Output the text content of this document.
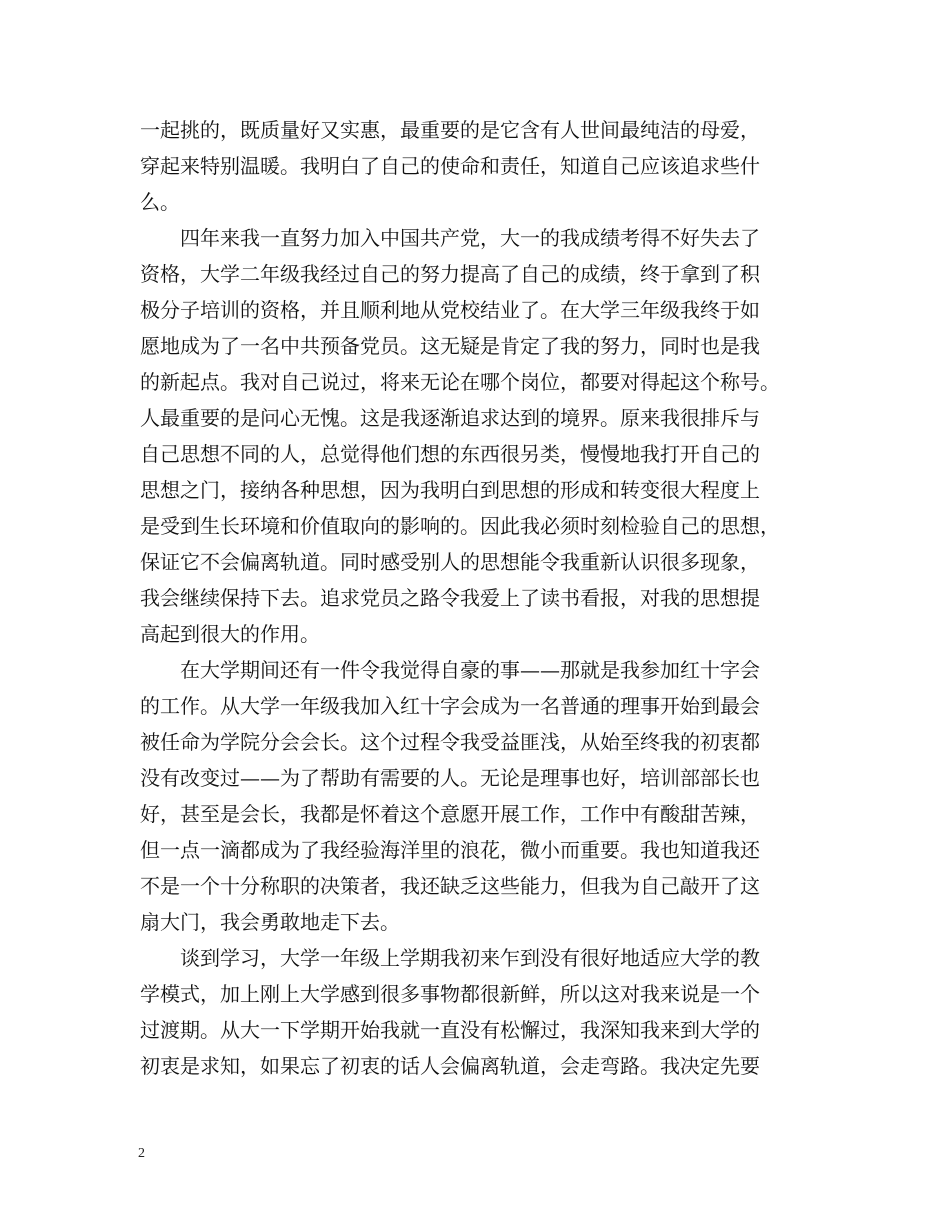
一起挑的，既质量好又实惠，最重要的是它含有人世间最纯洁的母爱，
穿起来特别温暖。我明白了自己的使命和责任，知道自己应该追求些什
么。
四年来我一直努力加入中国共产党，大一的我成绩考得不好失去了
资格，大学二年级我经过自己的努力提高了自己的成绩，终于拿到了积
极分子培训的资格，并且顺利地从党校结业了。在大学三年级我终于如
愿地成为了一名中共预备党员。这无疑是肯定了我的努力，同时也是我
的新起点。我对自己说过，将来无论在哪个岗位，都要对得起这个称号。
人最重要的是问心无愧。这是我逐渐追求达到的境界。原来我很排斥与
自己思想不同的人，总觉得他们想的东西很另类，慢慢地我打开自己的
思想之门，接纳各种思想，因为我明白到思想的形成和转变很大程度上
是受到生长环境和价值取向的影响的。因此我必须时刻检验自己的思想，
保证它不会偏离轨道。同时感受别人的思想能令我重新认识很多现象，
我会继续保持下去。追求党员之路令我爱上了读书看报，对我的思想提
高起到很大的作用。
在大学期间还有一件令我觉得自豪的事——那就是我参加红十字会
的工作。从大学一年级我加入红十字会成为一名普通的理事开始到最会
被任命为学院分会会长。这个过程令我受益匪浅，从始至终我的初衷都
没有改变过——为了帮助有需要的人。无论是理事也好，培训部部长也
好，甚至是会长，我都是怀着这个意愿开展工作，工作中有酸甜苦辣，
但一点一滴都成为了我经验海洋里的浪花，微小而重要。我也知道我还
不是一个十分称职的决策者，我还缺乏这些能力，但我为自己敲开了这
扇大门，我会勇敢地走下去。
谈到学习，大学一年级上学期我初来乍到没有很好地适应大学的教
学模式，加上刚上大学感到很多事物都很新鲜，所以这对我来说是一个
过渡期。从大一下学期开始我就一直没有松懈过，我深知我来到大学的
初衷是求知，如果忘了初衷的话人会偏离轨道，会走弯路。我决定先要
2
